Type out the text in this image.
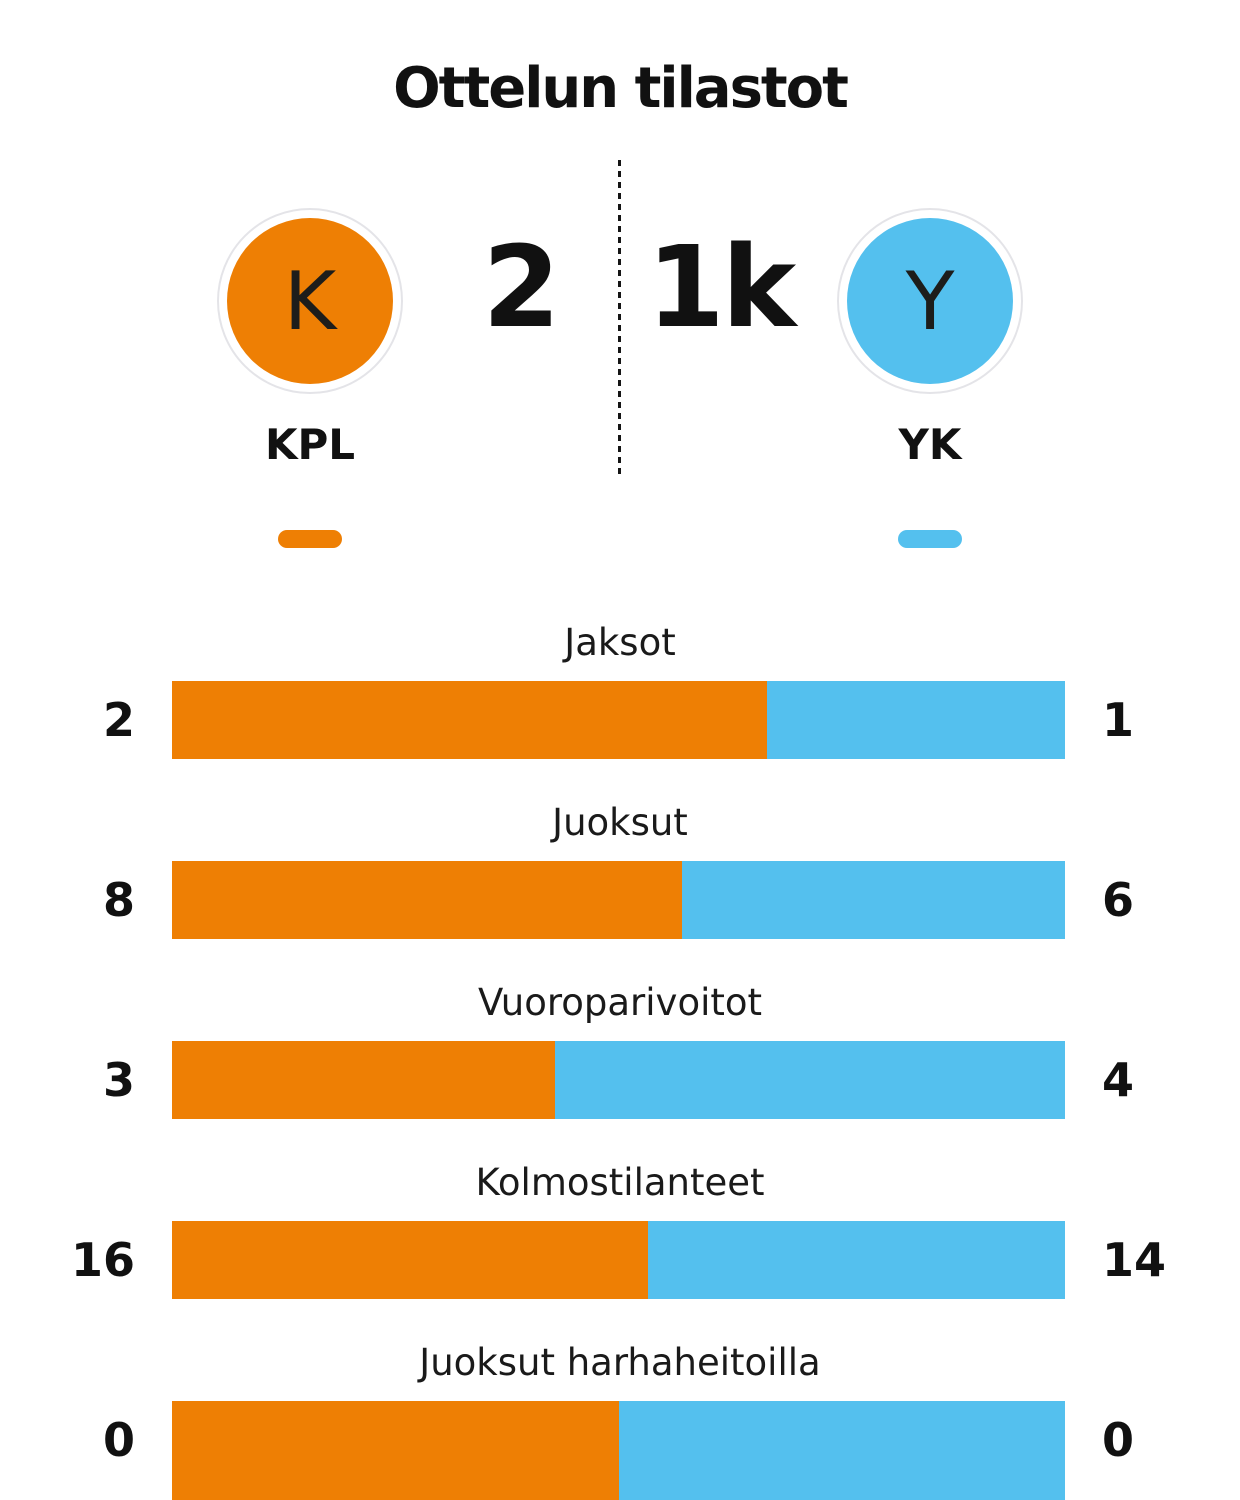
Ottelun tilastot
K	2 1k	Y
KPL	YK
Jaksot
2	1
Juoksut
8	6
Vuoroparivoitot
3	4
Kolmostilanteet
16	14
Juoksut harhaheitoilla
0	0
